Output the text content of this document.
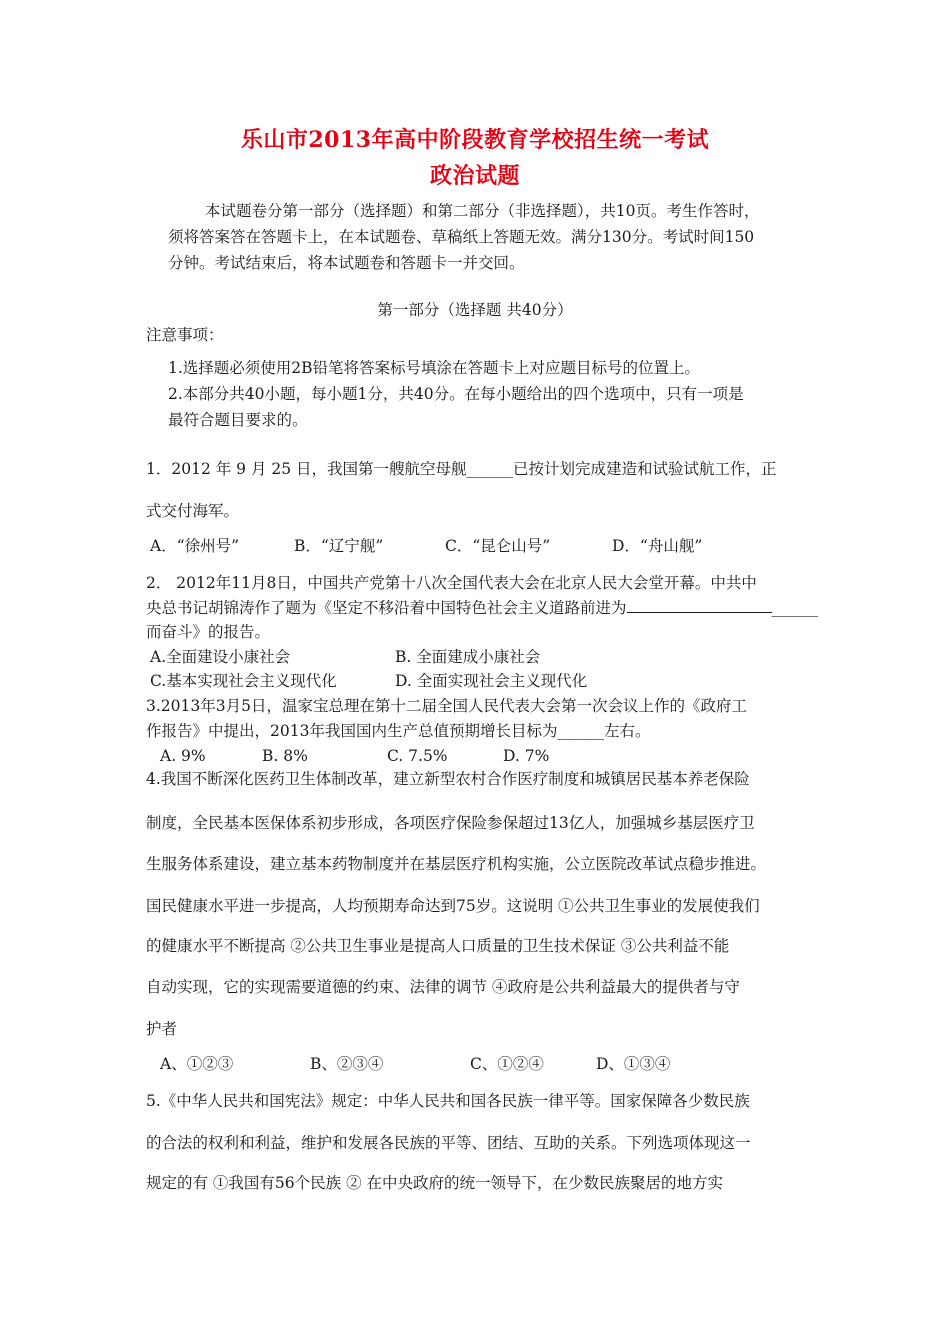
乐山市2013年高中阶段教育学校招生统一考试
政治试题
本试题卷分第一部分（选择题）和第二部分（非选择题），共10页。考生作答时，
须将答案答在答题卡上，在本试题卷、草稿纸上答题无效。满分130分。考试时间150
分钟。考试结束后，将本试题卷和答题卡一并交回。
第一部分（选择题 共40分）
注意事项：
1.选择题必须使用2B铅笔将答案标号填涂在答题卡上对应题目标号的位置上。
2.本部分共40小题，每小题1分，共40分。在每小题给出的四个选项中，只有一项是
最符合题目要求的。
1．2012 年 9 月 25 日，我国第一艘航空母舰______已按计划完成建造和试验试航工作，正
式交付海军。
A．“徐州号”	B．“辽宁舰”	C．“昆仑山号”	D．“舟山舰”
2． 2012年11月8日，中国共产党第十八次全国代表大会在北京人民大会堂开幕。中共中
央总书记胡锦涛作了题为《坚定不移沿着中国特色社会主义道路前进为	______
而奋斗》的报告。
A.全面建设小康社会	B. 全面建成小康社会
C.基本实现社会主义现代化	D. 全面实现社会主义现代化
3.2013年3月5日，温家宝总理在第十二届全国人民代表大会第一次会议上作的《政府工
作报告》中提出，2013年我国国内生产总值预期增长目标为______左右。
A. 9%	B. 8%	C. 7.5%	D. 7%
4.我国不断深化医药卫生体制改革，建立新型农村合作医疗制度和城镇居民基本养老保险
制度，全民基本医保体系初步形成，各项医疗保险参保超过13亿人，加强城乡基层医疗卫
生服务体系建设，建立基本药物制度并在基层医疗机构实施，公立医院改革试点稳步推进。
国民健康水平进一步提高，人均预期寿命达到75岁。这说明 ①公共卫生事业的发展使我们
的健康水平不断提高 ②公共卫生事业是提高人口质量的卫生技术保证 ③公共利益不能
自动实现，它的实现需要道德的约束、法律的调节 ④政府是公共利益最大的提供者与守
护者
A、①②③	B、②③④	C、①②④	D、①③④
5.《中华人民共和国宪法》规定：中华人民共和国各民族一律平等。国家保障各少数民族
的合法的权利和利益，维护和发展各民族的平等、团结、互助的关系。下列选项体现这一
规定的有 ①我国有56个民族 ② 在中央政府的统一领导下，在少数民族聚居的地方实
